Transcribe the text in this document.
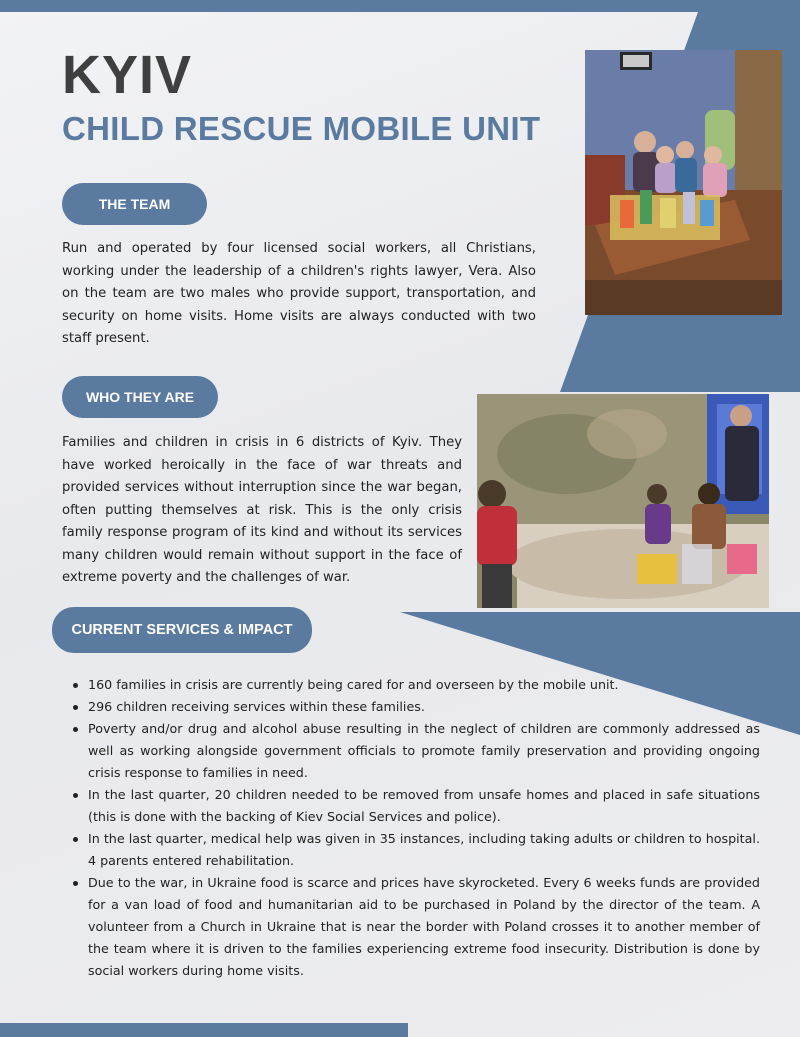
KYIV
CHILD RESCUE MOBILE UNIT
THE TEAM

Run and operated by four licensed social workers, all Christians, working under the leadership of a children's rights lawyer, Vera. Also on the team are two males who provide support, transportation, and security on home visits. Home visits are always conducted with two staff present.

WHO THEY ARE

Families and children in crisis in 6 districts of Kyiv. They have worked heroically in the face of war threats and provided services without interruption since the war began, often putting themselves at risk. This is the only crisis family response program of its kind and without its services many children would remain without support in the face of extreme poverty and the challenges of war.

CURRENT SERVICES & IMPACT
160 families in crisis are currently being cared for and overseen by the mobile unit.
296 children receiving services within these families.
Poverty and/or drug and alcohol abuse resulting in the neglect of children are commonly addressed as well as working alongside government officials to promote family preservation and providing ongoing crisis response to families in need.
In the last quarter, 20 children needed to be removed from unsafe homes and placed in safe situations (this is done with the backing of Kiev Social Services and police).
In the last quarter, medical help was given in 35 instances, including taking adults or children to hospital. 4 parents entered rehabilitation.
Due to the war, in Ukraine food is scarce and prices have skyrocketed. Every 6 weeks funds are provided for a van load of food and humanitarian aid to be purchased in Poland by the director of the team. A volunteer from a Church in Ukraine that is near the border with Poland crosses it to another member of the team where it is driven to the families experiencing extreme food insecurity. Distribution is done by social workers during home visits.
